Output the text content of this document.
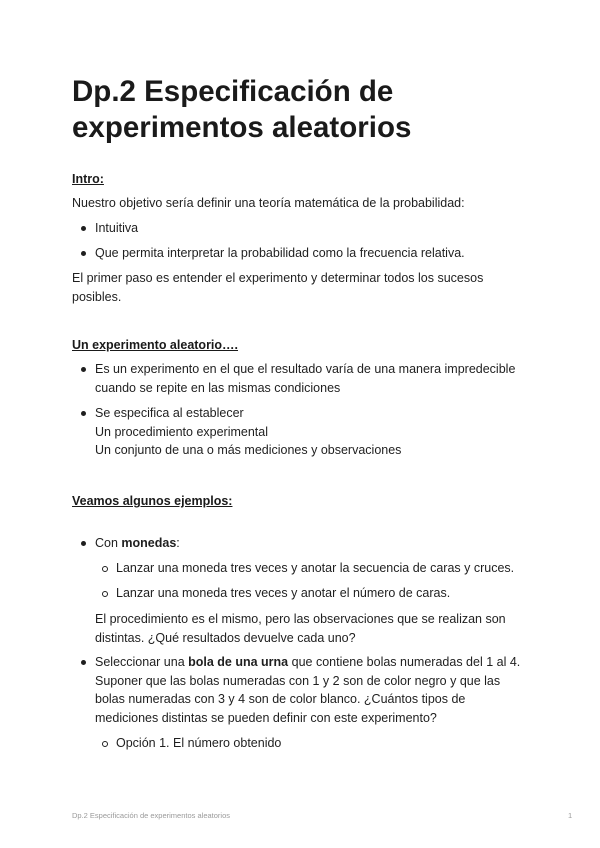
Dp.2 Especificación de
experimentos aleatorios

Intro:

Nuestro objetivo sería definir una teoría matemática de la probabilidad:

Intuitiva
Que permita interpretar la probabilidad como la frecuencia relativa.

El primer paso es entender el experimento y determinar todos los sucesos
posibles.

Un experimento aleatorio….

Es un experimento en el que el resultado varía de una manera impredecible
cuando se repite en las mismas condiciones
Se especifica al establecer
Un procedimiento experimental
Un conjunto de una o más mediciones y observaciones

Veamos algunos ejemplos:

Con monedas:
Lanzar una moneda tres veces y anotar la secuencia de caras y cruces.
Lanzar una moneda tres veces y anotar el número de caras.

El procedimiento es el mismo, pero las observaciones que se realizan son
distintas. ¿Qué resultados devuelve cada uno?

Seleccionar una bola de una urna que contiene bolas numeradas del 1 al 4.
Suponer que las bolas numeradas con 1 y 2 son de color negro y que las
bolas numeradas con 3 y 4 son de color blanco. ¿Cuántos tipos de
mediciones distintas se pueden definir con este experimento?
Opción 1. El número obtenido
Dp.2 Especificación de experimentos aleatorios	1
